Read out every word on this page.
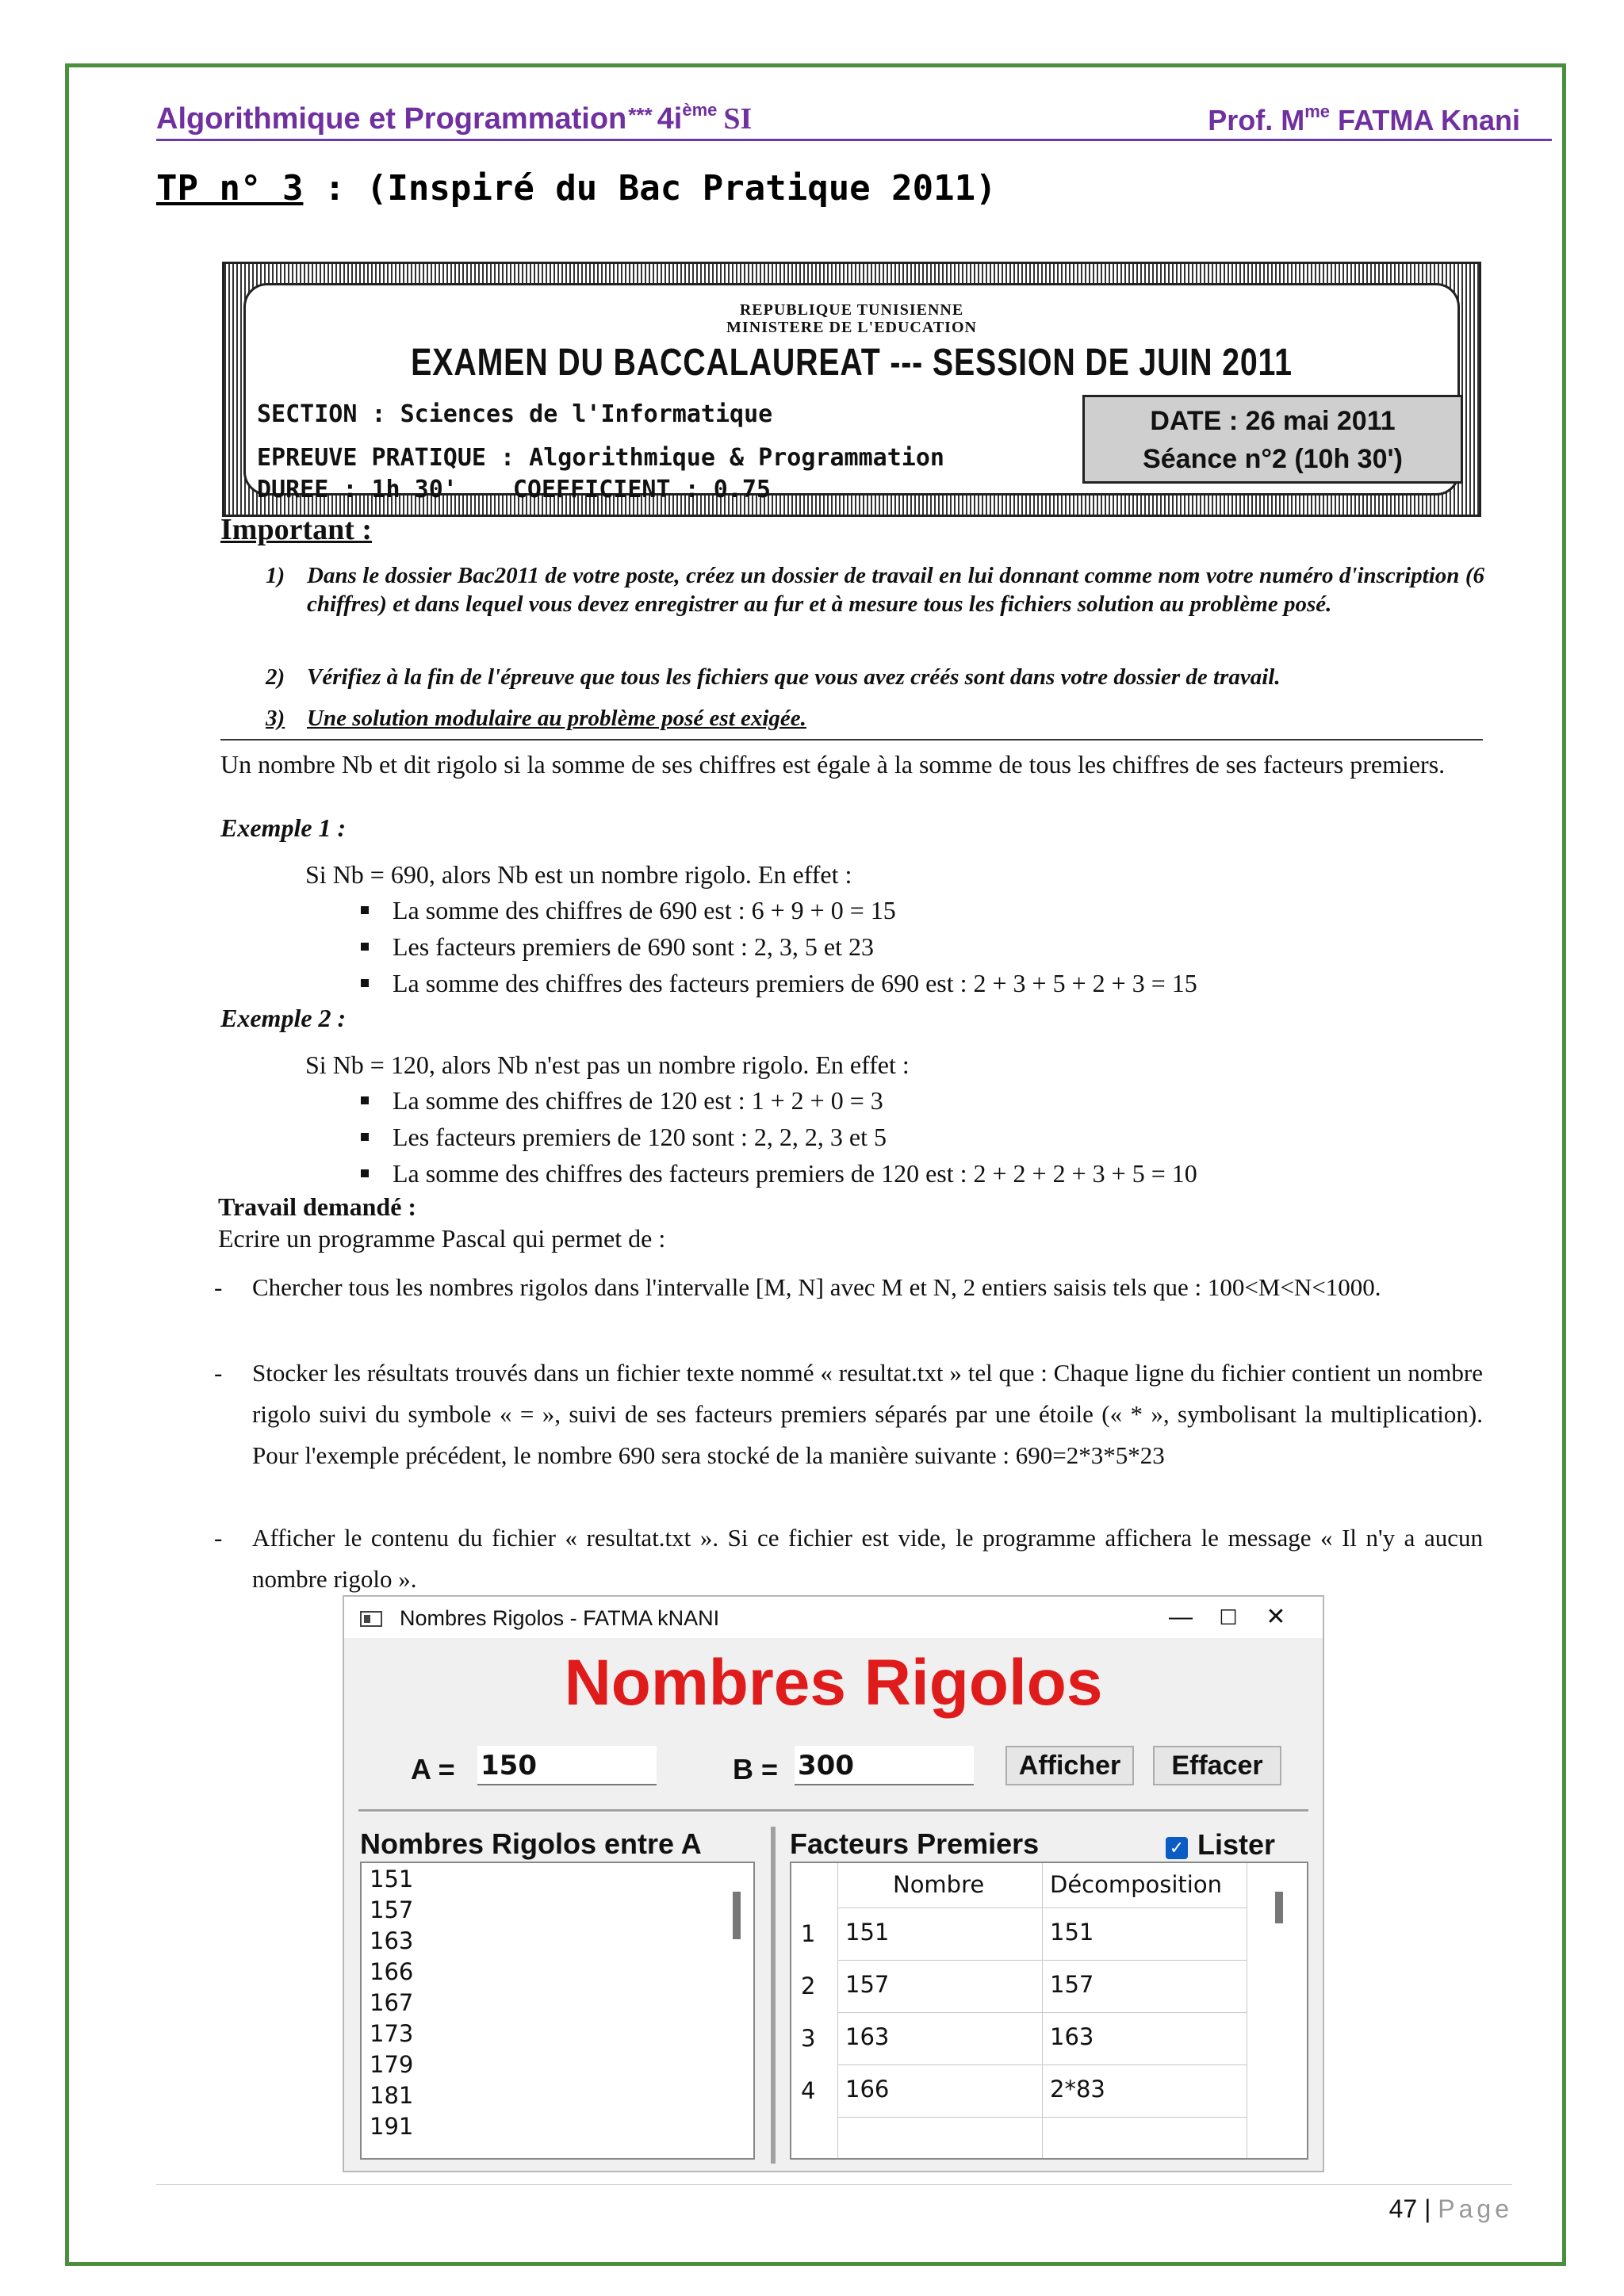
Algorithmique et Programmation*** $4i^{ème}$ SI	Prof. $M^{me}$ FATMA Knani
TP n° 3 : (Inspiré du Bac Pratique 2011)
REPUBLIQUE TUNISIENNE
MINISTERE DE L'EDUCATION
EXAMEN DU BACCALAUREAT --- SESSION DE JUIN 2011
SECTION : Sciences de l'Informatique
EPREUVE PRATIQUE : Algorithmique & Programmation
DUREE : 1h 30' COEFFICIENT : 0.75
DATE : 26 mai 2011
Séance n°2 (10h 30')
Important :
1) Dans le dossier Bac2011 de votre poste, créez un dossier de travail en lui donnant comme nom votre numéro d'inscription (6 chiffres) et dans lequel vous devez enregistrer au fur et à mesure tous les fichiers solution au problème posé.
2) Vérifiez à la fin de l'épreuve que tous les fichiers que vous avez créés sont dans votre dossier de travail.
3) Une solution modulaire au problème posé est exigée.
Un nombre Nb et dit rigolo si la somme de ses chiffres est égale à la somme de tous les chiffres de ses facteurs premiers.
Exemple 1 :
Si Nb = 690, alors Nb est un nombre rigolo. En effet :
La somme des chiffres de 690 est : 6 + 9 + 0 = 15
Les facteurs premiers de 690 sont : 2, 3, 5 et 23
La somme des chiffres des facteurs premiers de 690 est : 2 + 3 + 5 + 2 + 3 = 15
Exemple 2 :
Si Nb = 120, alors Nb n'est pas un nombre rigolo. En effet :
La somme des chiffres de 120 est : 1 + 2 + 0 = 3
Les facteurs premiers de 120 sont : 2, 2, 2, 3 et 5
La somme des chiffres des facteurs premiers de 120 est : 2 + 2 + 2 + 3 + 5 = 10
Travail demandé :
Ecrire un programme Pascal qui permet de :
- Chercher tous les nombres rigolos dans l'intervalle [M, N] avec M et N, 2 entiers saisis tels que : 100<M<N<1000.
- Stocker les résultats trouvés dans un fichier texte nommé « resultat.txt » tel que : Chaque ligne du fichier contient un nombre rigolo suivi du symbole « = », suivi de ses facteurs premiers séparés par une étoile (« * », symbolisant la multiplication). Pour l'exemple précédent, le nombre 690 sera stocké de la manière suivante : 690=2*3*5*23
- Afficher le contenu du fichier « resultat.txt ». Si ce fichier est vide, le programme affichera le message « Il n'y a aucun nombre rigolo ».
Nombres Rigolos - FATMA kNANI	—	☐	✕
Nombres Rigolos
A = 150	B = 300	Afficher	Effacer
Nombres Rigolos entre A	Facteurs Premiers	✓ Lister
151
157
163
166
167
173
179
181
191
Nombre	Décomposition
1 151	151
2 157	157
3 163	163
4 166	2*83
47 | Page
